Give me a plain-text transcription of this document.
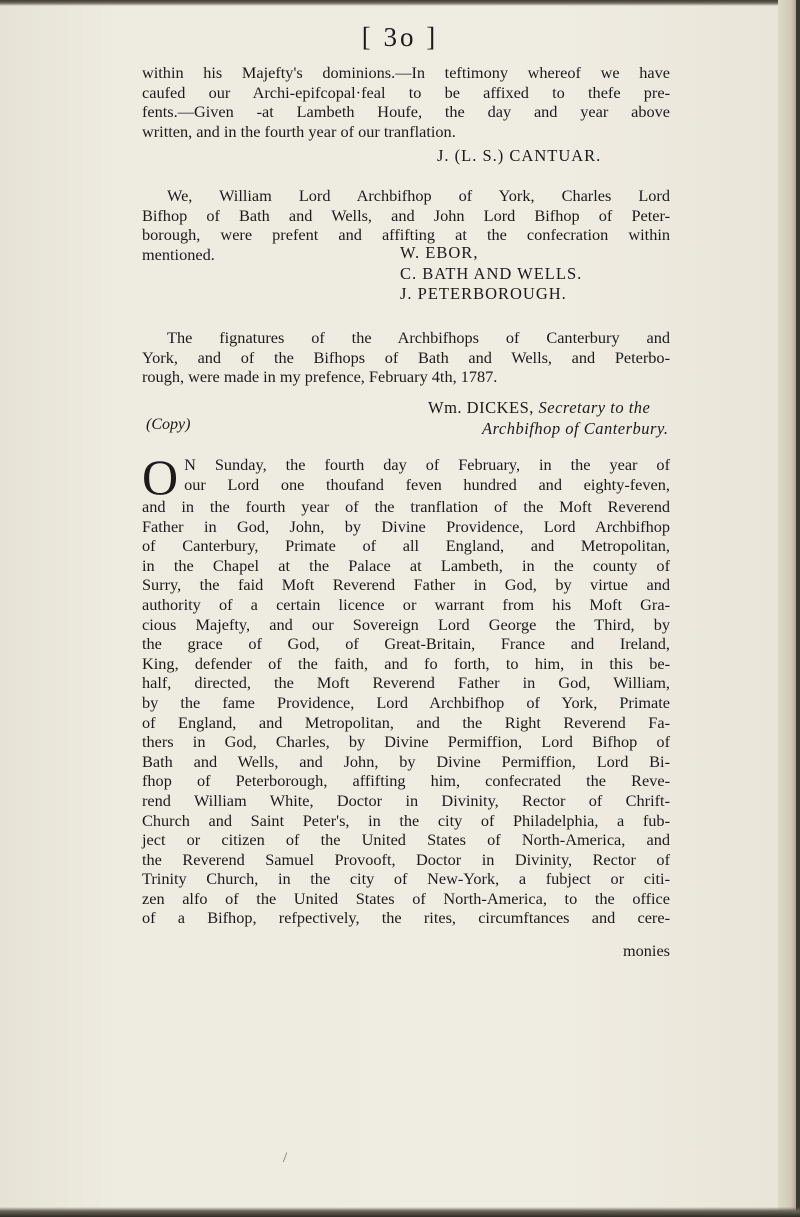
[ 3o ]
within his Majefty's dominions.—In teftimony whereof we have
caufed our Archi-epifcopal·feal to be affixed to thefe pre-
fents.—Given -at Lambeth Houfe, the day and year above
written, and in the fourth year of our tranflation.
J. (L. S.) CANTUAR.
We, William Lord Archbifhop of York, Charles Lord
Bifhop of Bath and Wells, and John Lord Bifhop of Peter-
borough, were prefent and affifting at the confecration within
mentioned.	W. EBOR,
C. BATH AND WELLS.
J. PETERBOROUGH.
The fignatures of the Archbifhops of Canterbury and
York, and of the Bifhops of Bath and Wells, and Peterbo-
rough, were made in my prefence, February 4th, 1787.
Wm. DICKES, Secretary to the
Archbifhop of Canterbury.
(Copy)
O N Sunday, the fourth day of February, in the year of
our Lord one thoufand feven hundred and eighty-feven,
and in the fourth year of the tranflation of the Moft Reverend
Father in God, John, by Divine Providence, Lord Archbifhop
of Canterbury, Primate of all England, and Metropolitan,
in the Chapel at the Palace at Lambeth, in the county of
Surry, the faid Moft Reverend Father in God, by virtue and
authority of a certain licence or warrant from his Moft Gra-
cious Majefty, and our Sovereign Lord George the Third, by
the grace of God, of Great-Britain, France and Ireland,
King, defender of the faith, and fo forth, to him, in this be-
half, directed, the Moft Reverend Father in God, William,
by the fame Providence, Lord Archbifhop of York, Primate
of England, and Metropolitan, and the Right Reverend Fa-
thers in God, Charles, by Divine Permiffion, Lord Bifhop of
Bath and Wells, and John, by Divine Permiffion, Lord Bi-
fhop of Peterborough, affifting him, confecrated the Reve-
rend William White, Doctor in Divinity, Rector of Chrift-
Church and Saint Peter's, in the city of Philadelphia, a fub-
ject or citizen of the United States of North-America, and
the Reverend Samuel Provooft, Doctor in Divinity, Rector of
Trinity Church, in the city of New-York, a fubject or citi-
zen alfo of the United States of North-America, to the office
of a Bifhop, refpectively, the rites, circumftances and cere-
monies
/
